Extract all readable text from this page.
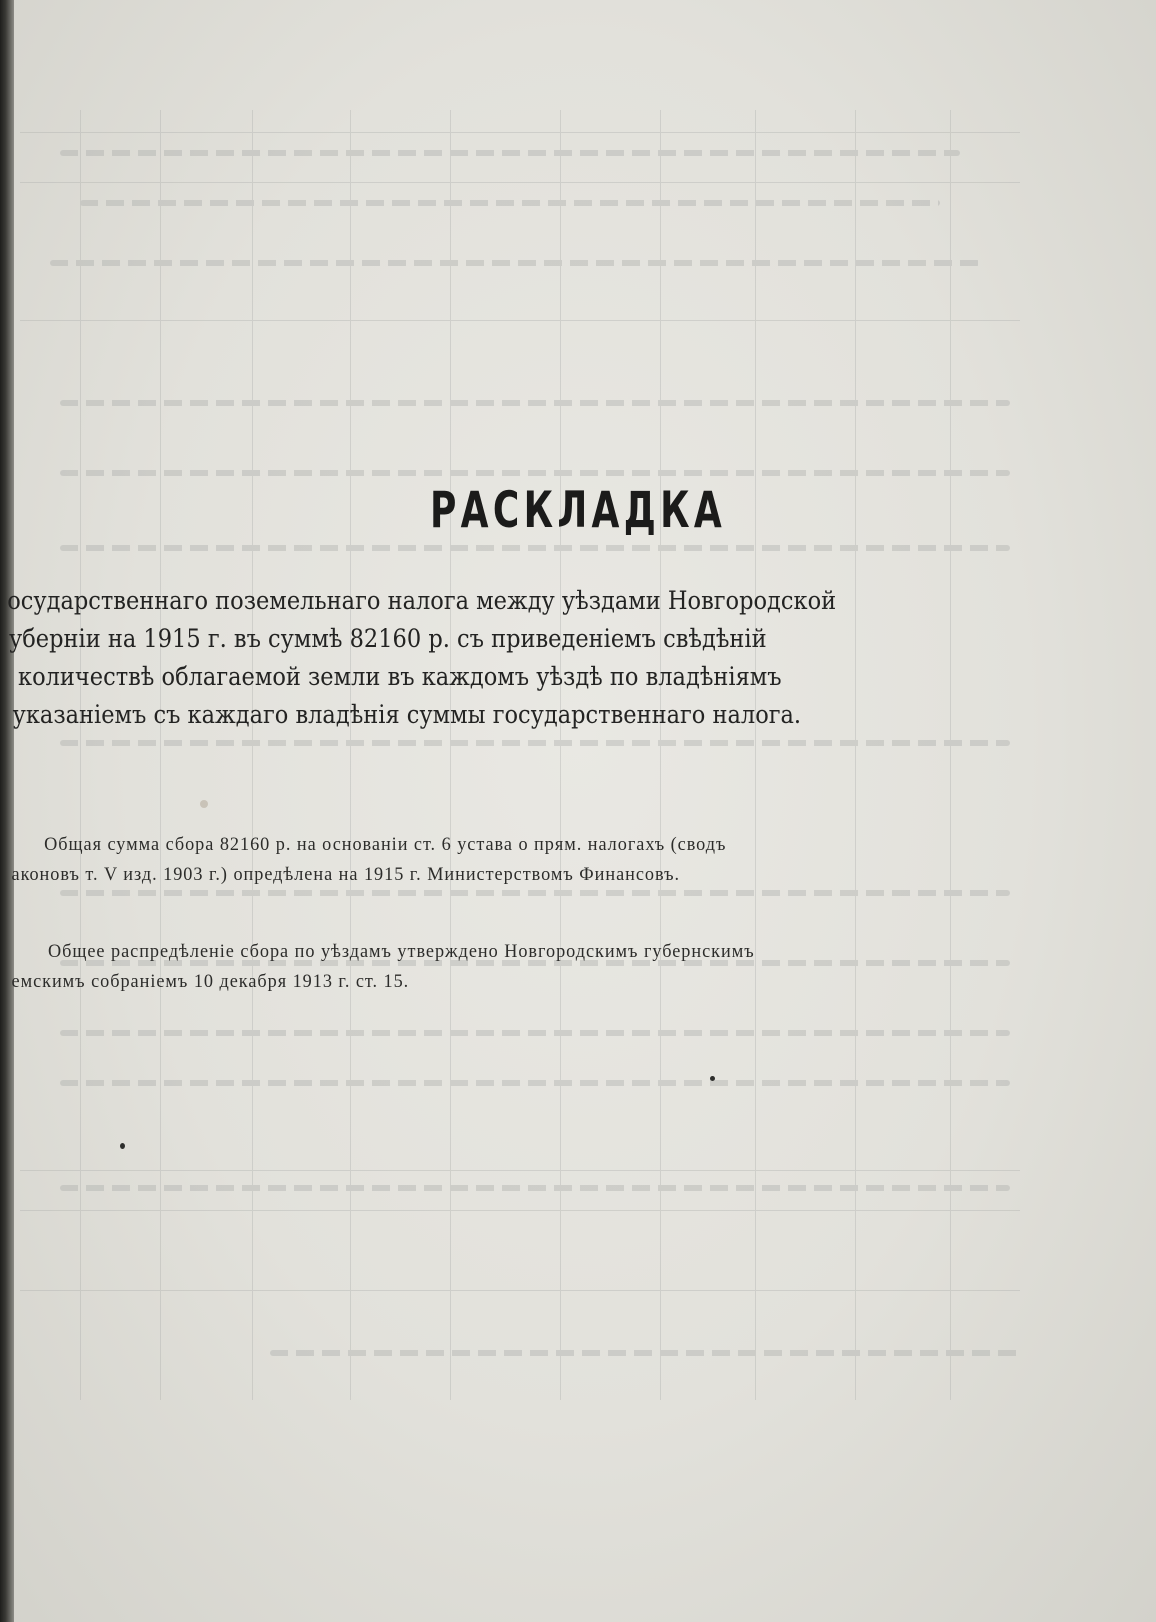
РАСКЛАДКА
осударственнаго поземельнаго налога между уѣздами Новгородской
уберніи на 1915 г. въ суммѣ 82160 р. съ приведеніемъ свѣдѣній
количествѣ облагаемой земли въ каждомъ уѣздѣ по владѣніямъ
указаніемъ съ каждаго владѣнія суммы государственнаго налога.
Общая сумма сбора 82160 р. на основаніи ст. 6 устава о прям. налогахъ (сводъ
аконовъ т. V изд. 1903 г.) опредѣлена на 1915 г. Министерствомъ Финансовъ.
Общее распредѣленіе сбора по уѣздамъ утверждено Новгородскимъ губернскимъ
емскимъ собраніемъ 10 декабря 1913 г. ст. 15.
